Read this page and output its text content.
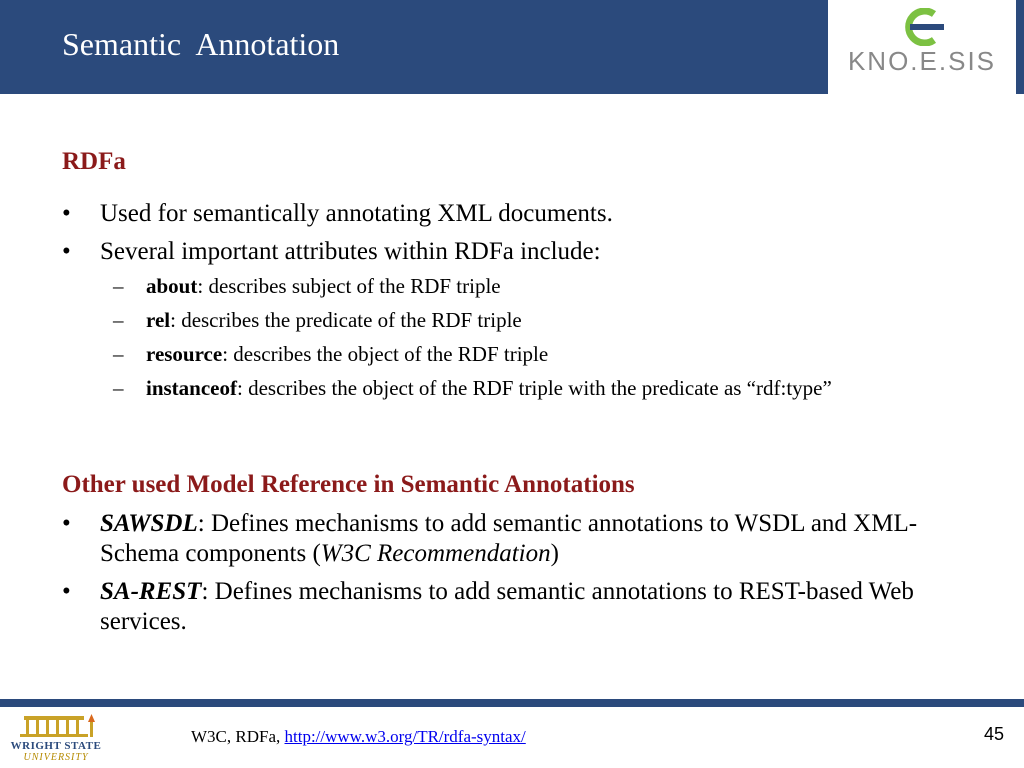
Semantic  Annotation	KNO.E.SIS
RDFa
• Used for semantically annotating XML documents.
• Several important attributes within RDFa include:
– about: describes subject of the RDF triple
– rel: describes the predicate of the RDF triple
– resource: describes the object of the RDF triple
– instanceof: describes the object of the RDF triple with the predicate as “rdf:type”
Other used Model Reference in Semantic Annotations
• SAWSDL: Defines mechanisms to add semantic annotations to WSDL and XML-Schema components (W3C Recommendation)
• SA-REST: Defines mechanisms to add semantic annotations to REST-based Web services.
WRIGHT STATE
UNIVERSITY
W3C, RDFa, http://www.w3.org/TR/rdfa-syntax/	45
